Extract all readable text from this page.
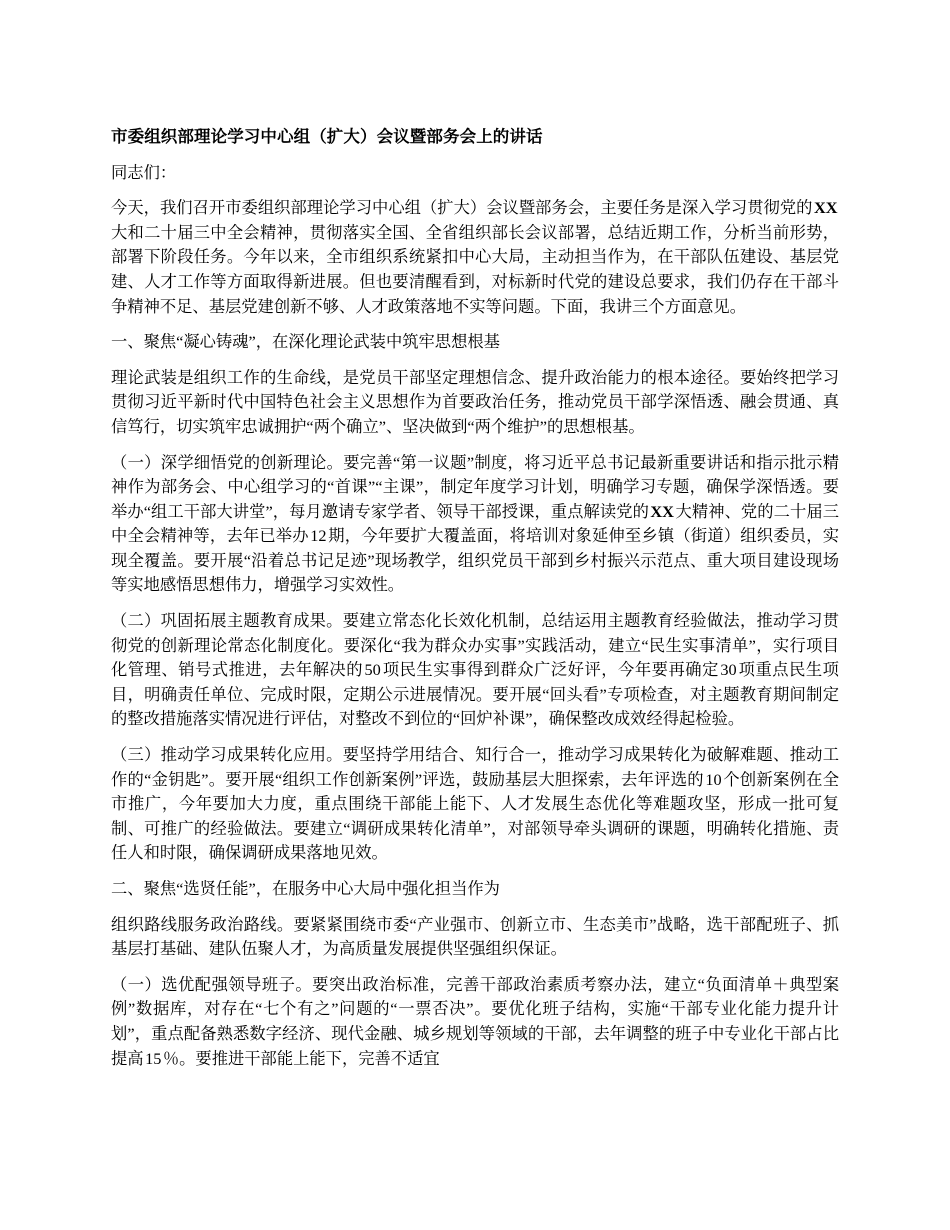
市委组织部理论学习中心组（扩大）会议暨部务会上的讲话

同志们：

今天，我们召开市委组织部理论学习中心组（扩大）会议暨部务会，主要任务是深入学习贯彻党的XX大和二十届三中全会精神，贯彻落实全国、全省组织部长会议部署，总结近期工作，分析当前形势，部署下阶段任务。今年以来，全市组织系统紧扣中心大局，主动担当作为，在干部队伍建设、基层党建、人才工作等方面取得新进展。但也要清醒看到，对标新时代党的建设总要求，我们仍存在干部斗争精神不足、基层党建创新不够、人才政策落地不实等问题。下面，我讲三个方面意见。

一、聚焦“凝心铸魂”，在深化理论武装中筑牢思想根基

理论武装是组织工作的生命线，是党员干部坚定理想信念、提升政治能力的根本途径。要始终把学习贯彻习近平新时代中国特色社会主义思想作为首要政治任务，推动党员干部学深悟透、融会贯通、真信笃行，切实筑牢忠诚拥护“两个确立”、坚决做到“两个维护”的思想根基。

（一）深学细悟党的创新理论。要完善“第一议题”制度，将习近平总书记最新重要讲话和指示批示精神作为部务会、中心组学习的“首课”“主课”，制定年度学习计划，明确学习专题，确保学深悟透。要举办“组工干部大讲堂”，每月邀请专家学者、领导干部授课，重点解读党的XX大精神、党的二十届三中全会精神等，去年已举办12期，今年要扩大覆盖面，将培训对象延伸至乡镇（街道）组织委员，实现全覆盖。要开展“沿着总书记足迹”现场教学，组织党员干部到乡村振兴示范点、重大项目建设现场等实地感悟思想伟力，增强学习实效性。

（二）巩固拓展主题教育成果。要建立常态化长效化机制，总结运用主题教育经验做法，推动学习贯彻党的创新理论常态化制度化。要深化“我为群众办实事”实践活动，建立“民生实事清单”，实行项目化管理、销号式推进，去年解决的50项民生实事得到群众广泛好评，今年要再确定30项重点民生项目，明确责任单位、完成时限，定期公示进展情况。要开展“回头看”专项检查，对主题教育期间制定的整改措施落实情况进行评估，对整改不到位的“回炉补课”，确保整改成效经得起检验。

（三）推动学习成果转化应用。要坚持学用结合、知行合一，推动学习成果转化为破解难题、推动工作的“金钥匙”。要开展“组织工作创新案例”评选，鼓励基层大胆探索，去年评选的10个创新案例在全市推广，今年要加大力度，重点围绕干部能上能下、人才发展生态优化等难题攻坚，形成一批可复制、可推广的经验做法。要建立“调研成果转化清单”，对部领导牵头调研的课题，明确转化措施、责任人和时限，确保调研成果落地见效。

二、聚焦“选贤任能”，在服务中心大局中强化担当作为

组织路线服务政治路线。要紧紧围绕市委“产业强市、创新立市、生态美市”战略，选干部配班子、抓基层打基础、建队伍聚人才，为高质量发展提供坚强组织保证。

（一）选优配强领导班子。要突出政治标准，完善干部政治素质考察办法，建立“负面清单＋典型案例”数据库，对存在“七个有之”问题的“一票否决”。要优化班子结构，实施“干部专业化能力提升计划”，重点配备熟悉数字经济、现代金融、城乡规划等领域的干部，去年调整的班子中专业化干部占比提高15％。要推进干部能上能下，完善不适宜
